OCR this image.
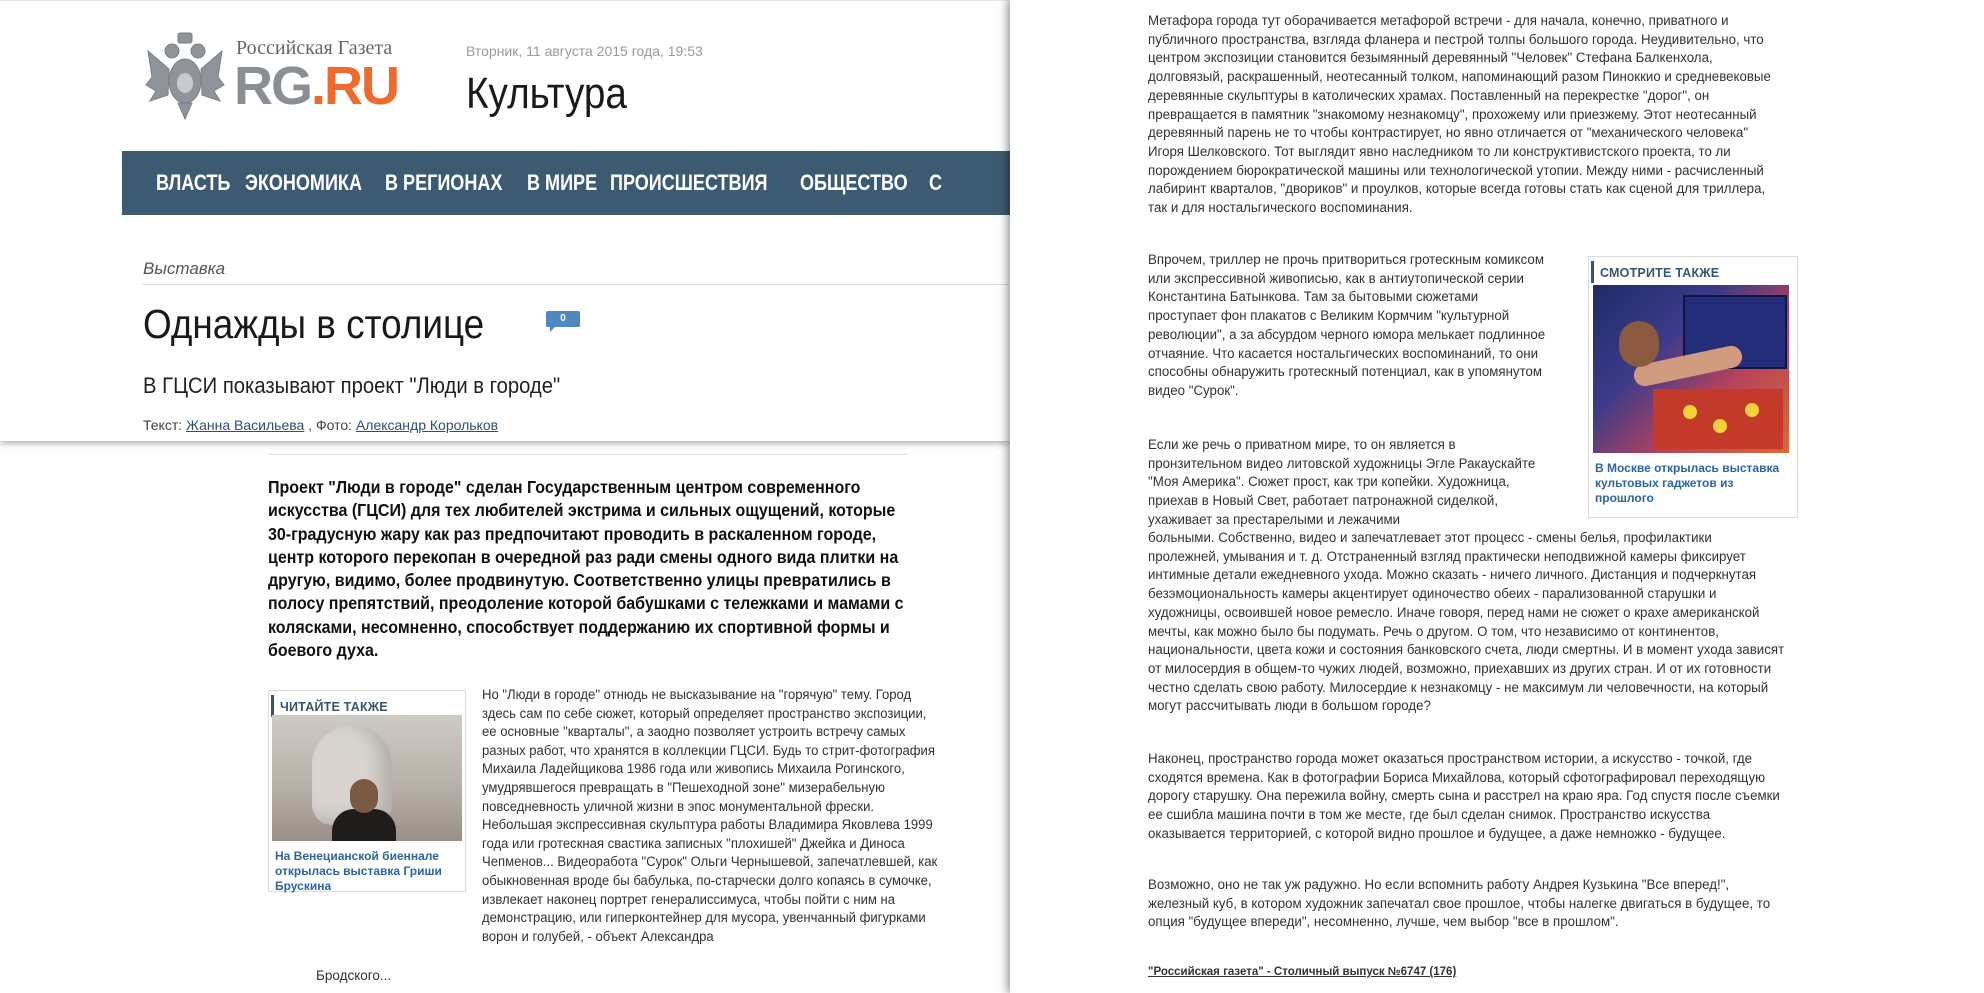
Проект "Люди в городе" сделан Государственным центром современного искусства (ГЦСИ) для тех любителей экстрима и сильных ощущений, которые 30-градусную жару как раз предпочитают проводить в раскаленном городе, центр которого перекопан в очередной раз ради смены одного вида плитки на другую, видимо, более продвинутую. Соответственно улицы превратились в полосу препятствий, преодоление которой бабушками с тележками и мамами с колясками, несомненно, способствует поддержанию их спортивной формы и боевого духа.
ЧИТАЙТЕ ТАКЖЕ
На Венецианской биеннале открылась выставка Гриши Брускина
Но "Люди в городе" отнюдь не высказывание на "горячую" тему. Город здесь сам по себе сюжет, который определяет пространство экспозиции, ее основные "кварталы", а заодно позволяет устроить встречу самых разных работ, что хранятся в коллекции ГЦСИ. Будь то стрит-фотография Михаила Ладейщикова 1986 года или живопись Михаила Рогинского, умудрявшегося превращать в "Пешеходной зоне" мизерабельную повседневность уличной жизни в эпос монументальной фрески. Небольшая экспрессивная скульптура работы Владимира Яковлева 1999 года или гротескная свастика записных "плохишей" Джейка и Диноса Чепменов... Видеоработа "Сурок" Ольги Чернышевой, запечатлевшей, как обыкновенная вроде бы бабулька, по-старчески долго копаясь в сумочке, извлекает наконец портрет генералиссимуса, чтобы пойти с ним на демонстрацию, или гиперконтейнер для мусора, увенчанный фигурками ворон и голубей, - объект Александра
Бродского...
Российская Газета
RG.RU
Вторник, 11 августа 2015 года, 19:53
Культура
ВЛАСТЬ ЭКОНОМИКА В РЕГИОНАХ В МИРЕ ПРОИСШЕСТВИЯ ОБЩЕСТВО С
Выставка
Однажды в столице	0
В ГЦСИ показывают проект "Люди в городе"
Текст: Жанна Васильева , Фото: Александр Корольков
Метафора города тут оборачивается метафорой встречи - для начала, конечно, приватного и публичного пространства, взгляда фланера и пестрой толпы большого города. Неудивительно, что центром экспозиции становится безымянный деревянный "Человек" Стефана Балкенхола, долговязый, раскрашенный, неотесанный толком, напоминающий разом Пиноккио и средневековые деревянные скульптуры в католических храмах. Поставленный на перекрестке "дорог", он превращается в памятник "знакомому незнакомцу", прохожему или приезжему. Этот неотесанный деревянный парень не то чтобы контрастирует, но явно отличается от "механического человека" Игоря Шелковского. Тот выглядит явно наследником то ли конструктивистского проекта, то ли порождением бюрократической машины или технологической утопии. Между ними - расчисленный лабиринт кварталов, "двориков" и проулков, которые всегда готовы стать как сценой для триллера, так и для ностальгического воспоминания.
Впрочем, триллер не прочь притвориться гротескным комиксом или экспрессивной живописью, как в антиутопической серии Константина Батынкова. Там за бытовыми сюжетами проступает фон плакатов с Великим Кормчим "культурной революции", а за абсурдом черного юмора мелькает подлинное отчаяние. Что касается ностальгических воспоминаний, то они способны обнаружить гротескный потенциал, как в упомянутом видео "Сурок".
СМОТРИТЕ ТАКЖЕ
В Москве открылась выставка культовых гаджетов из прошлого
Если же речь о приватном мире, то он является в пронзительном видео литовской художницы Эгле Ракаускайте "Моя Америка". Сюжет прост, как три копейки. Художница, приехав в Новый Свет, работает патронажной сиделкой, ухаживает за престарелыми и лежачими
больными. Собственно, видео и запечатлевает этот процесс - смены белья, профилактики пролежней, умывания и т. д. Отстраненный взгляд практически неподвижной камеры фиксирует интимные детали ежедневного ухода. Можно сказать - ничего личного. Дистанция и подчеркнутая безэмоциональность камеры акцентирует одиночество обеих - парализованной старушки и художницы, освоившей новое ремесло. Иначе говоря, перед нами не сюжет о крахе американской мечты, как можно было бы подумать. Речь о другом. О том, что независимо от континентов, национальности, цвета кожи и состояния банковского счета, люди смертны. И в момент ухода зависят от милосердия в общем-то чужих людей, возможно, приехавших из других стран. И от их готовности честно сделать свою работу. Милосердие к незнакомцу - не максимум ли человечности, на который могут рассчитывать люди в большом городе?
Наконец, пространство города может оказаться пространством истории, а искусство - точкой, где сходятся времена. Как в фотографии Бориса Михайлова, который сфотографировал переходящую дорогу старушку. Она пережила войну, смерть сына и расстрел на краю яра. Год спустя после съемки ее сшибла машина почти в том же месте, где был сделан снимок. Пространство искусства оказывается территорией, с которой видно прошлое и будущее, а даже немножко - будущее.
Возможно, оно не так уж радужно. Но если вспомнить работу Андрея Кузькина "Все вперед!", железный куб, в котором художник запечатал свое прошлое, чтобы налегке двигаться в будущее, то опция "будущее впереди", несомненно, лучше, чем выбор "все в прошлом".
"Российская газета" - Столичный выпуск №6747 (176)
